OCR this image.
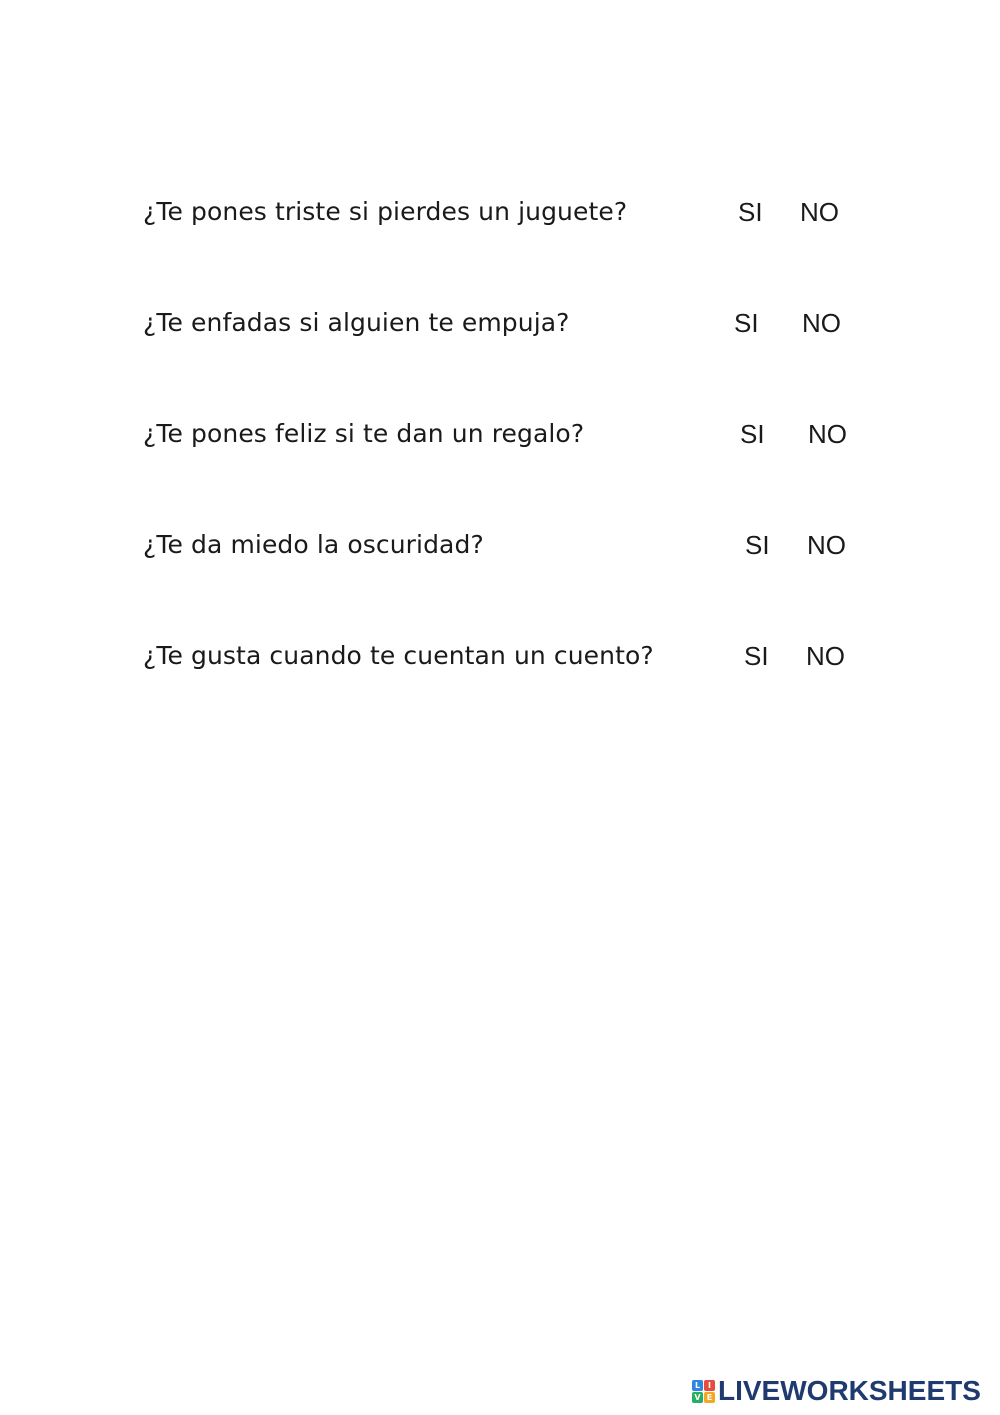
¿Te pones triste si pierdes un juguete?	SI NO
¿Te enfadas si alguien te empuja?	SI NO
¿Te pones feliz si te dan un regalo?	SI NO
¿Te da miedo la oscuridad?	SI NO
¿Te gusta cuando te cuentan un cuento?	SI NO
L I
V E LIVEWORKSHEETS
